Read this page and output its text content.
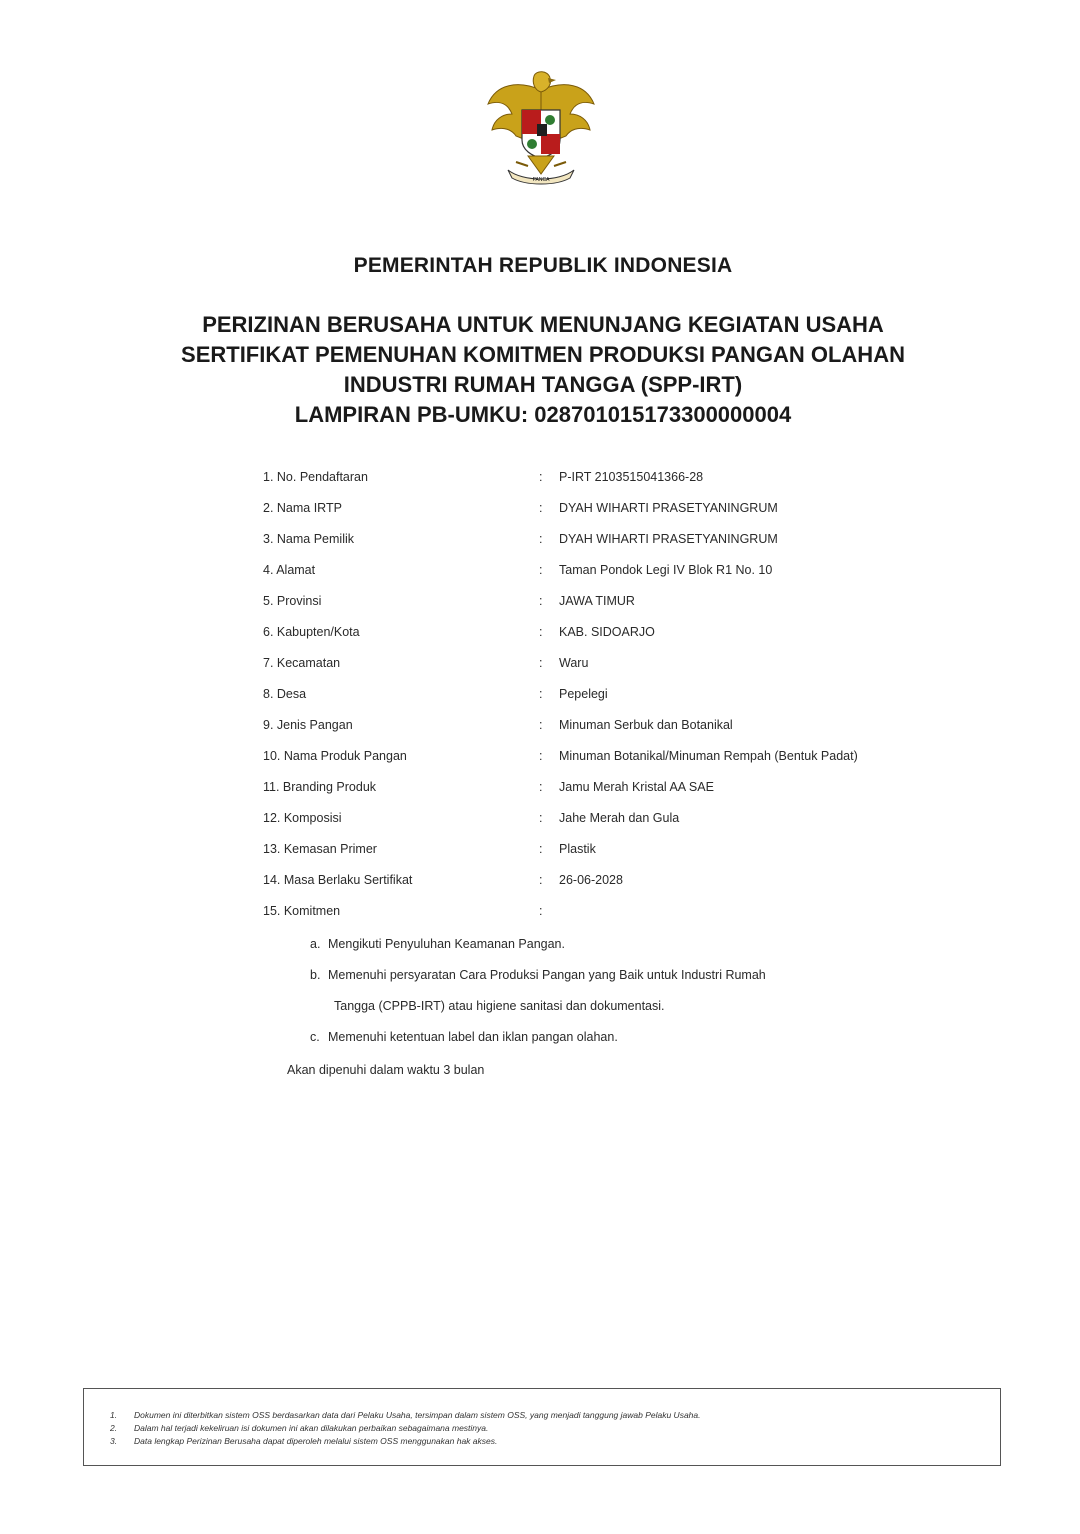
PANCA
PEMERINTAH REPUBLIK INDONESIA
PERIZINAN BERUSAHA UNTUK MENUNJANG KEGIATAN USAHA
SERTIFIKAT PEMENUHAN KOMITMEN PRODUKSI PANGAN OLAHAN
INDUSTRI RUMAH TANGGA (SPP-IRT)
LAMPIRAN PB-UMKU: 028701015173300000004
1. No. Pendaftaran	: P-IRT 2103515041366-28
2. Nama IRTP	: DYAH WIHARTI PRASETYANINGRUM
3. Nama Pemilik	: DYAH WIHARTI PRASETYANINGRUM
4. Alamat	: Taman Pondok Legi IV Blok R1 No. 10
5. Provinsi	: JAWA TIMUR
6. Kabupten/Kota	: KAB. SIDOARJO
7. Kecamatan	: Waru
8. Desa	: Pepelegi
9. Jenis Pangan	: Minuman Serbuk dan Botanikal
10. Nama Produk Pangan	: Minuman Botanikal/Minuman Rempah (Bentuk Padat)
11. Branding Produk	: Jamu Merah Kristal AA SAE
12. Komposisi	: Jahe Merah dan Gula
13. Kemasan Primer	: Plastik
14. Masa Berlaku Sertifikat	: 26-06-2028
15. Komitmen	:
a. Mengikuti Penyuluhan Keamanan Pangan.
b. Memenuhi persyaratan Cara Produksi Pangan yang Baik untuk Industri Rumah
Tangga (CPPB-IRT) atau higiene sanitasi dan dokumentasi.
c. Memenuhi ketentuan label dan iklan pangan olahan.
Akan dipenuhi dalam waktu 3 bulan
1. Dokumen ini diterbitkan sistem OSS berdasarkan data dari Pelaku Usaha, tersimpan dalam sistem OSS, yang menjadi tanggung jawab Pelaku Usaha.
2. Dalam hal terjadi kekeliruan isi dokumen ini akan dilakukan perbaikan sebagaimana mestinya.
3. Data lengkap Perizinan Berusaha dapat diperoleh melalui sistem OSS menggunakan hak akses.
